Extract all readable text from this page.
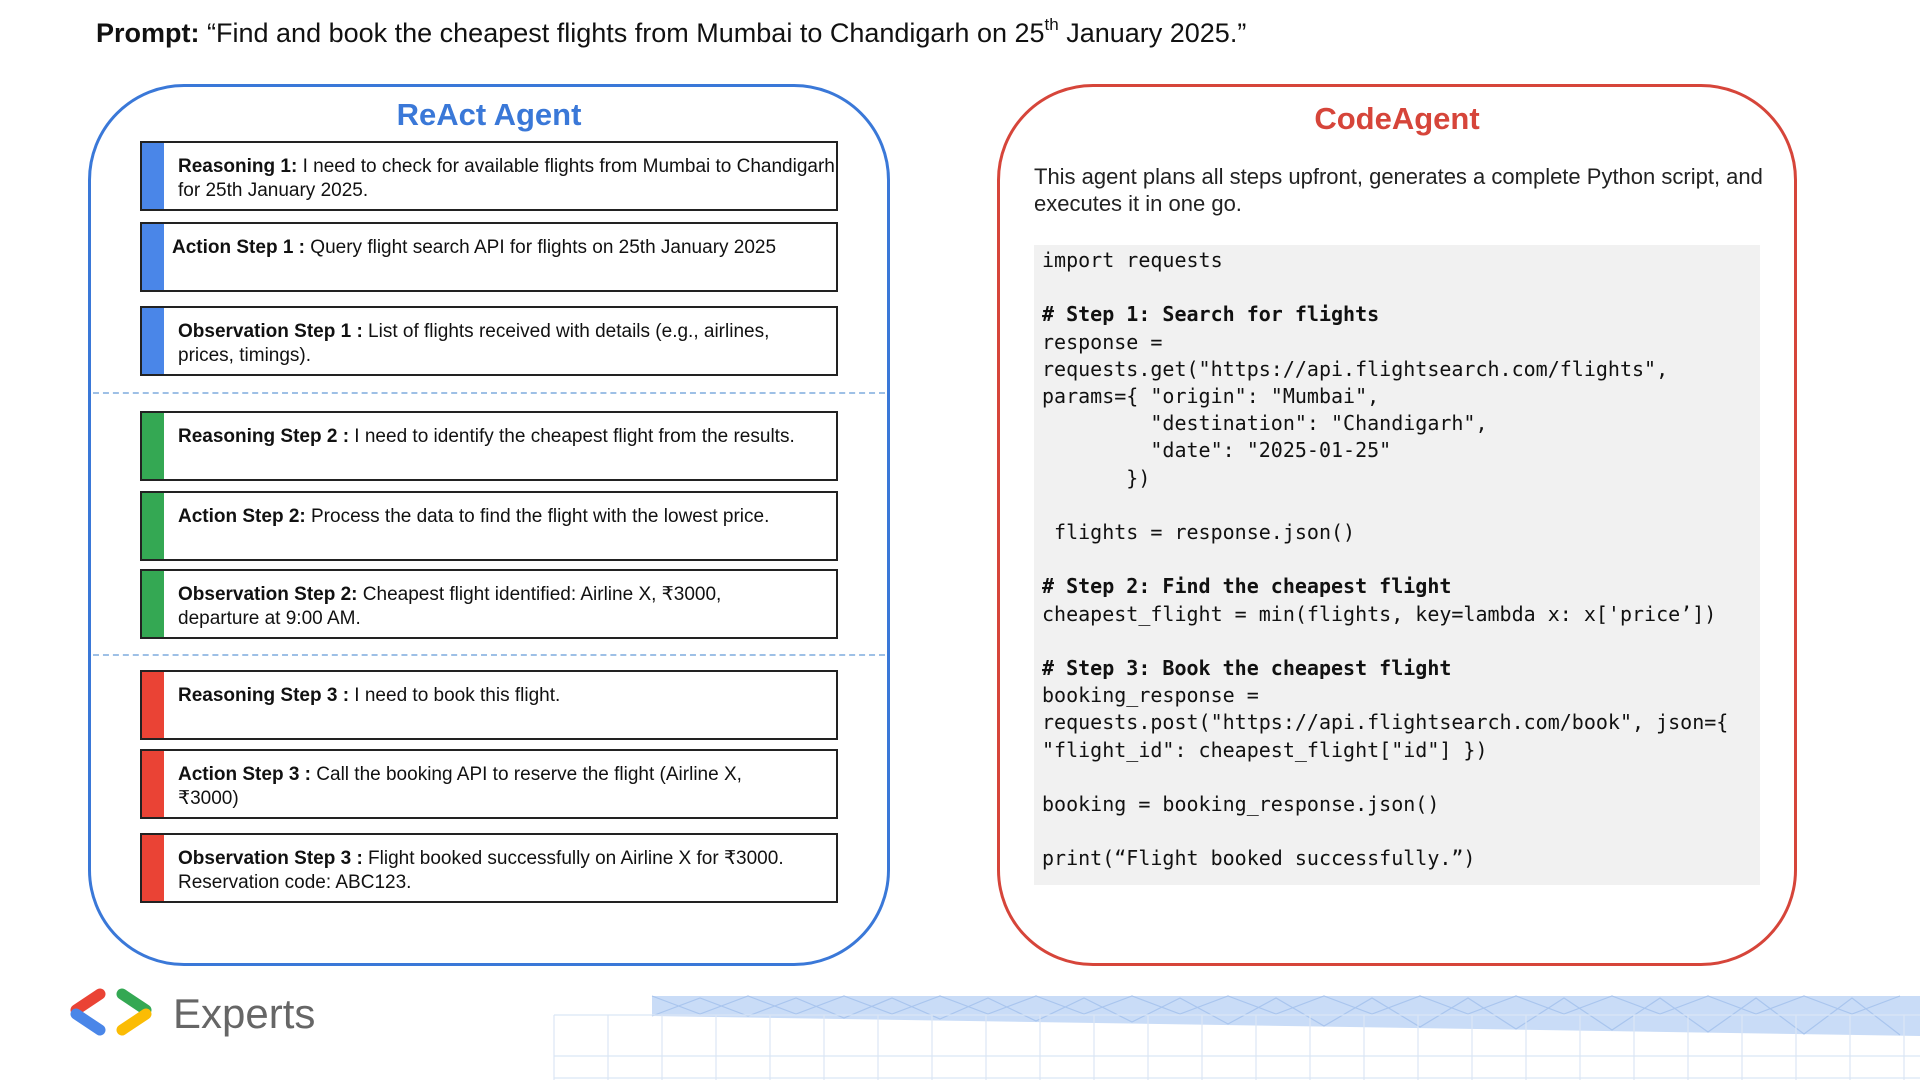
Prompt: “Find and book the cheapest flights from Mumbai to Chandigarh on 25th January 2025.”
ReAct Agent
Reasoning 1: I need to check for available flights from Mumbai to Chandigarh for 25th January 2025.
Action Step 1 : Query flight search API for flights on 25th January 2025
Observation Step 1 : List of flights received with details (e.g., airlines, prices, timings).
Reasoning Step 2 : I need to identify the cheapest flight from the results.
Action Step 2: Process the data to find the flight with the lowest price.
Observation Step 2: Cheapest flight identified: Airline X, ₹3000, departure at 9:00 AM.
Reasoning Step 3 : I need to book this flight.
Action Step 3 : Call the booking API to reserve the flight (Airline X, ₹3000)
Observation Step 3 : Flight booked successfully on Airline X for ₹3000. Reservation code: ABC123.
CodeAgent
This agent plans all steps upfront, generates a complete Python script, and executes it in one go.
import requests
# Step 1: Search for flights
response =
requests.get("https://api.flightsearch.com/flights",
params={ "origin": "Mumbai",
"destination": "Chandigarh",
"date": "2025-01-25"
})
flights = response.json()
# Step 2: Find the cheapest flight
cheapest_flight = min(flights, key=lambda x: x['price’])
# Step 3: Book the cheapest flight
booking_response =
requests.post("https://api.flightsearch.com/book", json={
"flight_id": cheapest_flight["id"] })
booking = booking_response.json()
print(“Flight booked successfully.”)
Experts
